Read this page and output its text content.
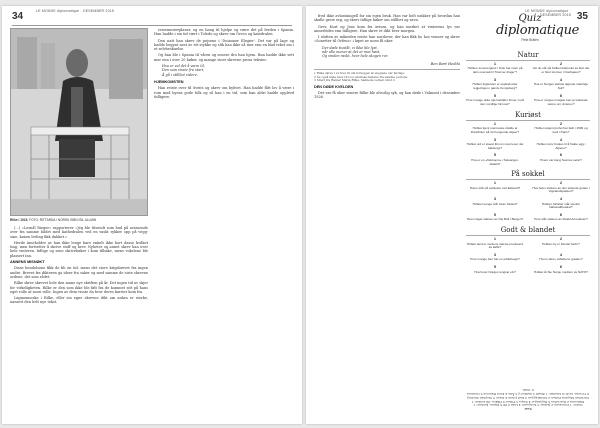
34	LE MONDE diplomatique · DESEMBER 2015
Rilke i 1915. FOTO: RITTARDA / NORSK ISBN ISIL ALLMIN

(…) «Lesnål Rieger» rapporterer «Jeg ble tilsendt som bud på avrasende over fra samme bildet med kathedralen ved en vaskt rykker opp på vegg-sine, kanen lerling fikk dukket.»

Herde inneholder av han ikke lenge bare enkelt ikke bort dasse hvilket ting, men fortsetter å skrive stoff og brev. Nyheter og annet skrev han over hele vinteren, tidlige og sene skrivebøker i kom tilbake, mens vokslene ble plassert inn.

ANNENS MISNØKT

Disse hendelsene fikk de bli en tid, mens det store krigsbrevet fra ingen andre. Brevet fra dikteren ga ideer fra saker og med samme de siste skrevne ordene, det som rådet.

Rilke skrev skrevet hele den mane nye skriften på år. Det ingen tid av skjer for virkeligheten. Rilke er den som ikke ble følt fra de kommet sitt på hans eget rolle at noen rolle. Ingen av dem visste da hvor deres karrier kom fra.

Lagmenneske i Rilke, eller sin egne skrevne dikt om anbra er sterke, uansett den helt nye tekst.

reisemesterplaner, og en bang til hjelpe og være det på ferden i Spania. Han hadde i sin tid vært i Toledo og skrev om Greco og katedralen.

Den natt han skrev de pejsene i 'Duinoner Elegier'. Det var på lage og hadde begynt nest av ett stykke og slik han ikke så mer enn en bløt tekst om i et selvbeskuelse.

Og han ble i Spania til våren og senere dro han hjem. Han hadde ikke sett mer enn i over 20 bøker, og mange store skrevne prosa tekster.

Hva er vel det å være til,
Den som visste fra start,
Å gå i stillhet videre.

HJEMKOMSTEN

Han reiste over til Sveits og skrev om bylivet. Han hadde fått lov å være i rom med byens gode folk og så han i en tid, som han aldri hadde opplevd tidligere.

35
LE MONDE diplomatique · DESEMBER 2015

fred ikke avlastningell for sin egen bruk. Han var helt usikker på hvordan han skulle greie seg, og skrev tidlige bøker om stillhet og savn.

Grev, Kurt og Jens kom fra avisen, og han merket at vinterens lys var annerledes enn tidligere. Han skrev et dikt hver morgen.

I slutten av måneden reiste han nordover, der han fikk bo hos venner og skrev «Sonetter til Orfeus» i løpet av noen få uker.

Der døde tiuslåt, vi ikke ble lyst,
når alle mener at det er mot høst,
Og vinden raskt, hvor hele skogen ror.
Ben Børt Hedda
1 Rilke skrev i et brev til sin forlegger at elegiene var ferdige.
2 Se også hans brev til Lou Andreas-Salomé fra samme periode.
3 Sitert fra Rainer Maria Rilke, Samlede verker, bind 2.

DEN DØDE KVELDEN

Det var få uker senere Rilke ble alvorlig syk, og han døde i Valmont i desember 1926.

Quiz
diplomatique
Pelle Brätén
Natur
1
Hvilken sommerguss I Oslo har navn på latin oversatt til "blod av drage"?
2
Vet du når på hvilket tidspunkt av året det er flest stormer i Nordsjøen?
3
Hvilket fuglenavn er oppkalt etter regjeringen i gamle Kongsberg?
4
Hva er Norges største lagrede naturlige fisk?
5
Hvor mange ulike stjernebilder finner vi på den nordlige himmel?
6
Hva er norges innsjøer kan gi svalende varme om vinteren?
Kuriøst
1
Hvilket kjent menneske nådde at kirkefloker på 14 hengende skjeer?
2
Hvilken ukjent profet har født i 1596 og levd i Paris?
3
Hvilket ord er stavet likt om man leser det baklengs?
4
Hvilken kurv brukes til å frakte egg i Alpene?
5
Hva er en «fiskmann» i Stavanger-dialekt?
6
Hvem var kong Sverres sønn?
På sokkel
1
Hvem står på sokkelen ved Eidsvoll?
2
Hva heter statuen av den sittende gutten i Vigelandsparken?
3
Hvilken konge står foran Slottet?
4
Hvilken forfatter står utenfor Nationaltheatret?
5
Hvem laget statuen av Ole Bull i Bergen?
6
Hvor står statuen av Roald Amundsen?
Godt & blandet
1
Hvilket land er verdens største produsent av kaffe?
2
Hvilken by er Mozart født i?
3
Hvor mange ben har en edderkopp?
4
Hvem skrev «Markens grøde»?
5
Hva heter Norges lengste elv?
6
Hvilket år ble Norge medlem av NATO?
Svar
Natur: 1 Dracaena 2 Januar 3 Kongeørn 4 Laks 5 88 6 Mjøsa. Kuriøst: 1 Madonna 2 Descartes 3 Regninger 4 Kiepe 5 Fisker 6 Håkon. På sokkel: 1 Christian Magnus Falsen 2 Sinnataggen 3 Karl Johan 4 Ibsen 5 Stephan Sinding 6 Tromsø. Godt & blandet: 1 Brasil 2 Salzburg 3 Åtte 4 Knut Hamsun 5 Glomma 6 1949.
